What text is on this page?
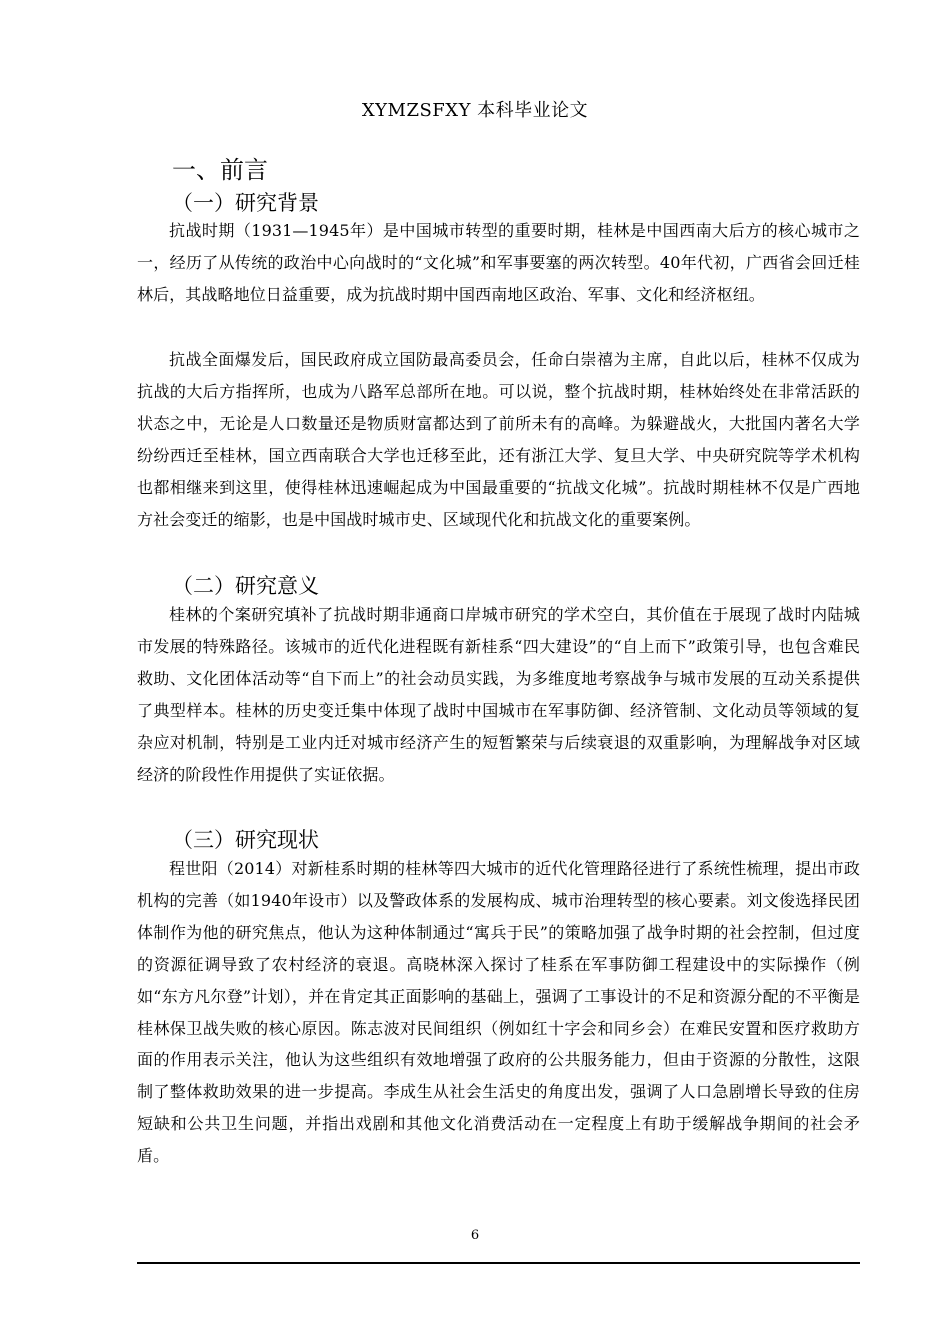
XYMZSFXY 本科毕业论文
一、前言
（一）研究背景

抗战时期（1931—1945年）是中国城市转型的重要时期，桂林是中国西南大后方的核心城市之一，经历了从传统的政治中心向战时的“文化城”和军事要塞的两次转型。40年代初，广西省会回迁桂林后，其战略地位日益重要，成为抗战时期中国西南地区政治、军事、文化和经济枢纽。

抗战全面爆发后，国民政府成立国防最高委员会，任命白崇禧为主席，自此以后，桂林不仅成为抗战的大后方指挥所，也成为八路军总部所在地。可以说，整个抗战时期，桂林始终处在非常活跃的状态之中，无论是人口数量还是物质财富都达到了前所未有的高峰。为躲避战火，大批国内著名大学纷纷西迁至桂林，国立西南联合大学也迁移至此，还有浙江大学、复旦大学、中央研究院等学术机构也都相继来到这里，使得桂林迅速崛起成为中国最重要的“抗战文化城”。抗战时期桂林不仅是广西地方社会变迁的缩影，也是中国战时城市史、区域现代化和抗战文化的重要案例。

（二）研究意义

桂林的个案研究填补了抗战时期非通商口岸城市研究的学术空白，其价值在于展现了战时内陆城市发展的特殊路径。该城市的近代化进程既有新桂系“四大建设”的“自上而下”政策引导，也包含难民救助、文化团体活动等“自下而上”的社会动员实践，为多维度地考察战争与城市发展的互动关系提供了典型样本。桂林的历史变迁集中体现了战时中国城市在军事防御、经济管制、文化动员等领域的复杂应对机制，特别是工业内迁对城市经济产生的短暂繁荣与后续衰退的双重影响，为理解战争对区域经济的阶段性作用提供了实证依据。

（三）研究现状

程世阳（2014）对新桂系时期的桂林等四大城市的近代化管理路径进行了系统性梳理，提出市政机构的完善（如1940年设市）以及警政体系的发展构成、城市治理转型的核心要素。刘文俊选择民团体制作为他的研究焦点，他认为这种体制通过“寓兵于民”的策略加强了战争时期的社会控制，但过度的资源征调导致了农村经济的衰退。高晓林深入探讨了桂系在军事防御工程建设中的实际操作（例如“东方凡尔登”计划），并在肯定其正面影响的基础上，强调了工事设计的不足和资源分配的不平衡是桂林保卫战失败的核心原因。陈志波对民间组织（例如红十字会和同乡会）在难民安置和医疗救助方面的作用表示关注，他认为这些组织有效地增强了政府的公共服务能力，但由于资源的分散性，这限制了整体救助效果的进一步提高。李成生从社会生活史的角度出发，强调了人口急剧增长导致的住房短缺和公共卫生问题，并指出戏剧和其他文化消费活动在一定程度上有助于缓解战争期间的社会矛盾。

6
